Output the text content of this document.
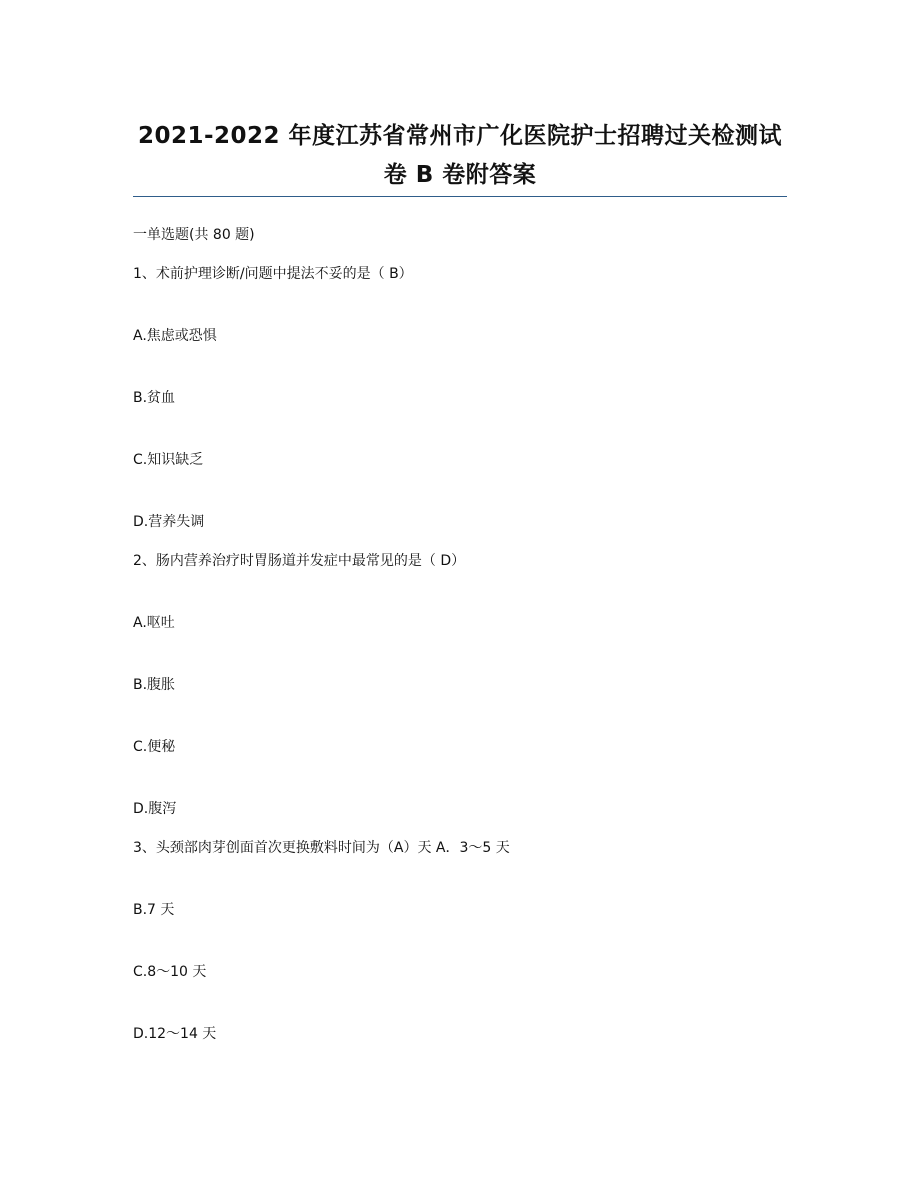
2021-2022 年度江苏省常州市广化医院护士招聘过关检测试
卷 B 卷附答案
一单选题(共 80 题)
1、术前护理诊断/问题中提法不妥的是（ B）
A.焦虑或恐惧
B.贫血
C.知识缺乏
D.营养失调
2、肠内营养治疗时胃肠道并发症中最常见的是（ D）
A.呕吐
B.腹胀
C.便秘
D.腹泻
3、头颈部肉芽创面首次更换敷料时间为（A）天 A．3～5 天
B.7 天
C.8～10 天
D.12～14 天
